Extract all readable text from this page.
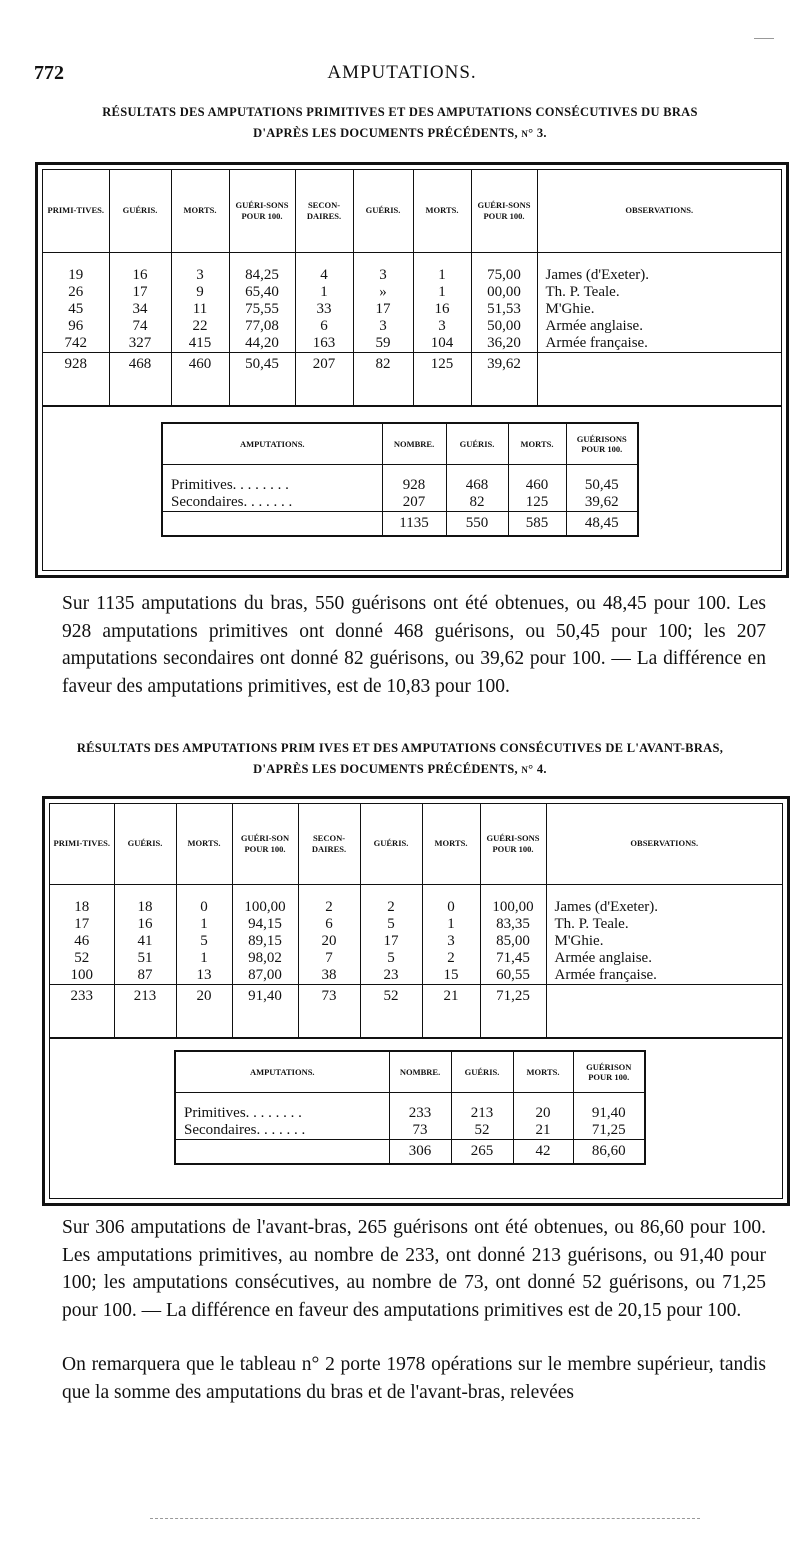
772	AMPUTATIONS.
RÉSULTATS DES AMPUTATIONS PRIMITIVES ET DES AMPUTATIONS CONSÉCUTIVES DU BRAS
D'APRÈS LES DOCUMENTS PRÉCÉDENTS, n° 3.
PRIMI-TIVES.	GUÉRIS.	MORTS.	GUÉRI-SONS POUR 100.	SECON-DAIRES.	GUÉRIS.	MORTS.	GUÉRI-SONS POUR 100.	OBSERVATIONS.

19	16	3	84,25	4	3	1	75,00	James (d'Exeter).
26	17	9	65,40	1	»	1	00,00	Th. P. Teale.
45	34	11	75,55	33	17	16	51,53	M'Ghie.
96	74	22	77,08	6	3	3	50,00	Armée anglaise.
742	327	415	44,20	163	59	104	36,20	Armée française.
928	468	460	50,45	207	82	125	39,62	

AMPUTATIONS.	NOMBRE.	GUÉRIS.	MORTS.	GUÉRISONS POUR 100.

Primitives. . . . . . . .	928	468	460	50,45
Secondaires. . . . . . .	207	82	125	39,62
	1135	550	585	48,45
Sur 1135 amputations du bras, 550 guérisons ont été obtenues, ou 48,45 pour 100. Les 928 amputations primitives ont donné 468 guérisons, ou 50,45 pour 100; les 207 amputations secondaires ont donné 82 guérisons, ou 39,62 pour 100. — La différence en faveur des amputations primitives, est de 10,83 pour 100.
RÉSULTATS DES AMPUTATIONS PRIM IVES ET DES AMPUTATIONS CONSÉCUTIVES DE L'AVANT-BRAS,
D'APRÈS LES DOCUMENTS PRÉCÉDENTS, n° 4.
PRIMI-TIVES.	GUÉRIS.	MORTS.	GUÉRI-SON POUR 100.	SECON-DAIRES.	GUÉRIS.	MORTS.	GUÉRI-SONS POUR 100.	OBSERVATIONS.

18	18	0	100,00	2	2	0	100,00	James (d'Exeter).
17	16	1	94,15	6	5	1	83,35	Th. P. Teale.
46	41	5	89,15	20	17	3	85,00	M'Ghie.
52	51	1	98,02	7	5	2	71,45	Armée anglaise.
100	87	13	87,00	38	23	15	60,55	Armée française.
233	213	20	91,40	73	52	21	71,25	

AMPUTATIONS.	NOMBRE.	GUÉRIS.	MORTS.	GUÉRISON POUR 100.

Primitives. . . . . . . .	233	213	20	91,40
Secondaires. . . . . . .	73	52	21	71,25
	306	265	42	86,60
Sur 306 amputations de l'avant-bras, 265 guérisons ont été obtenues, ou 86,60 pour 100. Les amputations primitives, au nombre de 233, ont donné 213 guérisons, ou 91,40 pour 100; les amputations consécutives, au nombre de 73, ont donné 52 guérisons, ou 71,25 pour 100. — La différence en faveur des amputations primitives est de 20,15 pour 100.
On remarquera que le tableau n° 2 porte 1978 opérations sur le membre supérieur, tandis que la somme des amputations du bras et de l'avant-bras, relevées
